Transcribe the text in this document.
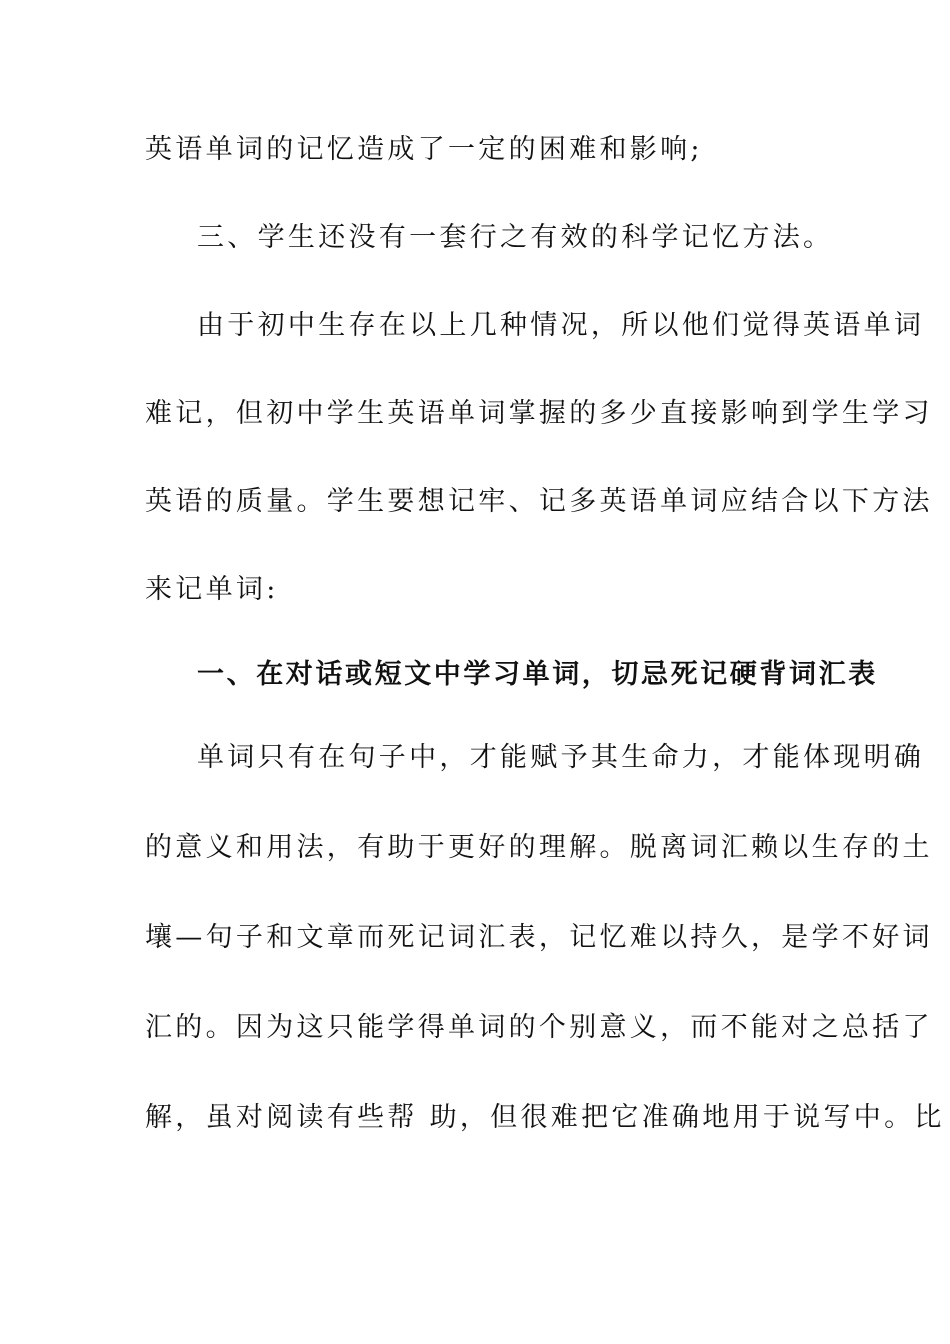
英语单词的记忆造成了一定的困难和影响;
三、学生还没有一套行之有效的科学记忆方法。
由于初中生存在以上几种情况，所以他们觉得英语单词
难记，但初中学生英语单词掌握的多少直接影响到学生学习
英语的质量。学生要想记牢、记多英语单词应结合以下方法
来记单词:
一、在对话或短文中学习单词，切忌死记硬背词汇表
单词只有在句子中，才能赋予其生命力，才能体现明确
的意义和用法，有助于更好的理解。脱离词汇赖以生存的土
壤—句子和文章而死记词汇表，记忆难以持久，是学不好词
汇的。因为这只能学得单词的个别意义，而不能对之总括了
解，虽对阅读有些帮 助，但很难把它准确地用于说写中。比
